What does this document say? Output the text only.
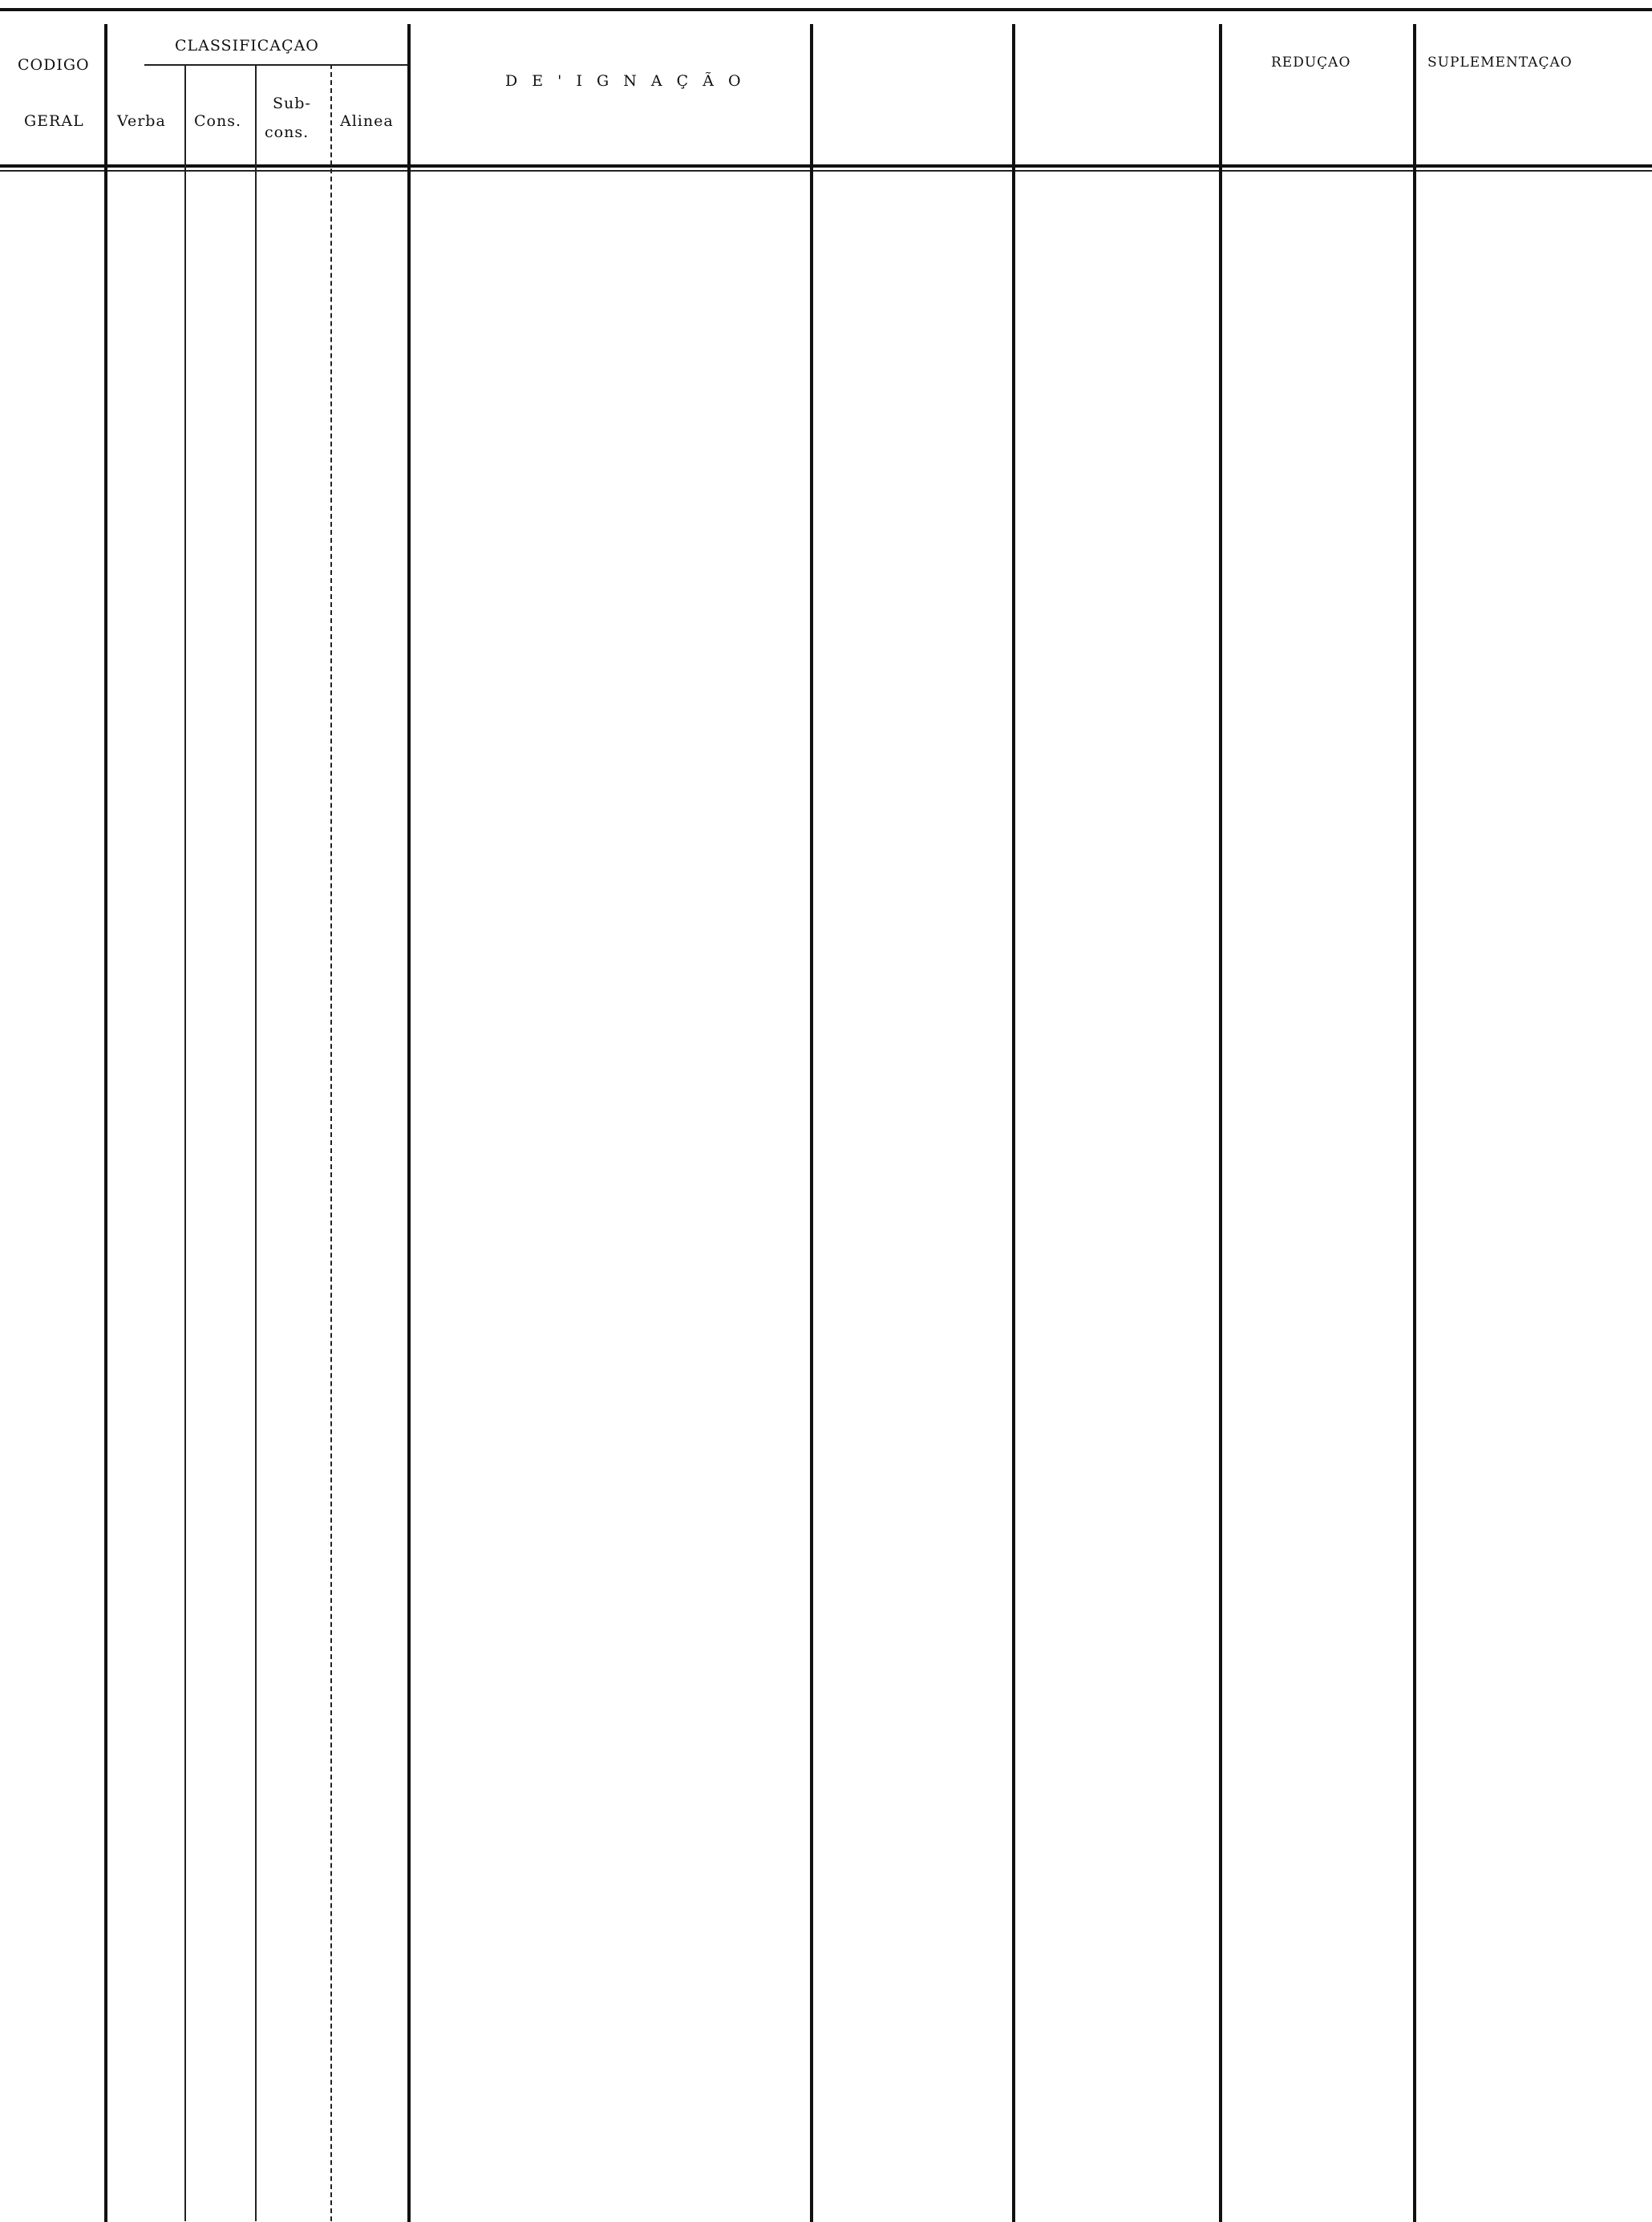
CODIGO
GERAL
CLASSIFICAÇAO
Verba Cons.
Sub-
cons.
Alinea
D E ' I G N A Ç Ã O
REDUÇAO	SUPLEMENTAÇAO
